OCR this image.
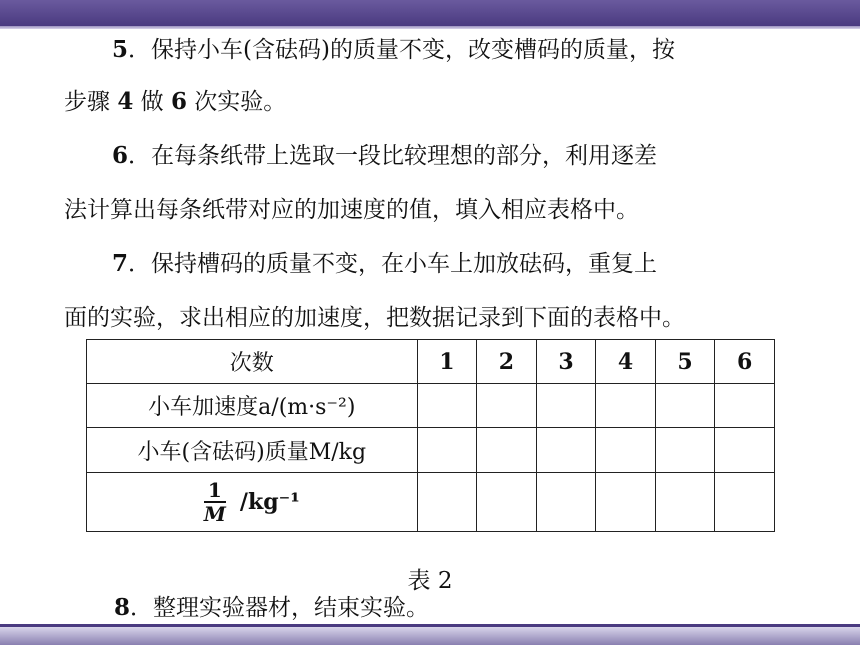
5．保持小车(含砝码)的质量不变，改变槽码的质量，按
步骤 4 做 6 次实验。
6．在每条纸带上选取一段比较理想的部分，利用逐差
法计算出每条纸带对应的加速度的值，填入相应表格中。
7．保持槽码的质量不变，在小车上加放砝码，重复上
面的实验，求出相应的加速度，把数据记录到下面的表格中。
次数	1	2	3	4	5	6
小车加速度a/(m·s⁻²)						
小车(含砝码)质量M/kg						

$\frac{1}{M} /kg^{-1}$						
表 2
8．整理实验器材，结束实验。
